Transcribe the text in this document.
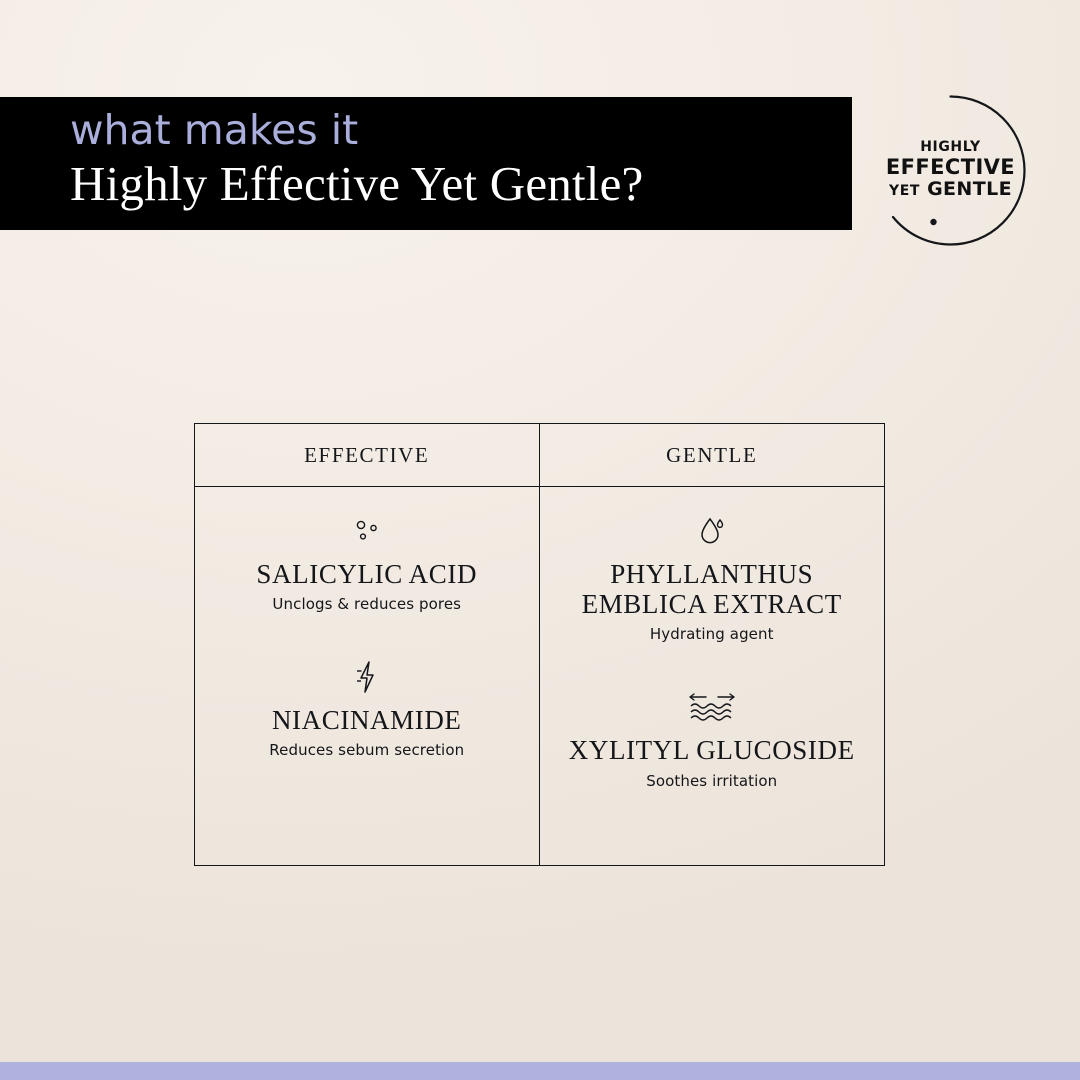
what makes it
Highly Effective Yet Gentle?
HIGHLY
EFFECTIVE
YET GENTLE
EFFECTIVE	GENTLE
SALICYLIC ACID
Unclogs & reduces pores
NIACINAMIDE
Reduces sebum secretion
PHYLLANTHUS
EMBLICA EXTRACT
Hydrating agent
XYLITYL GLUCOSIDE
Soothes irritation
